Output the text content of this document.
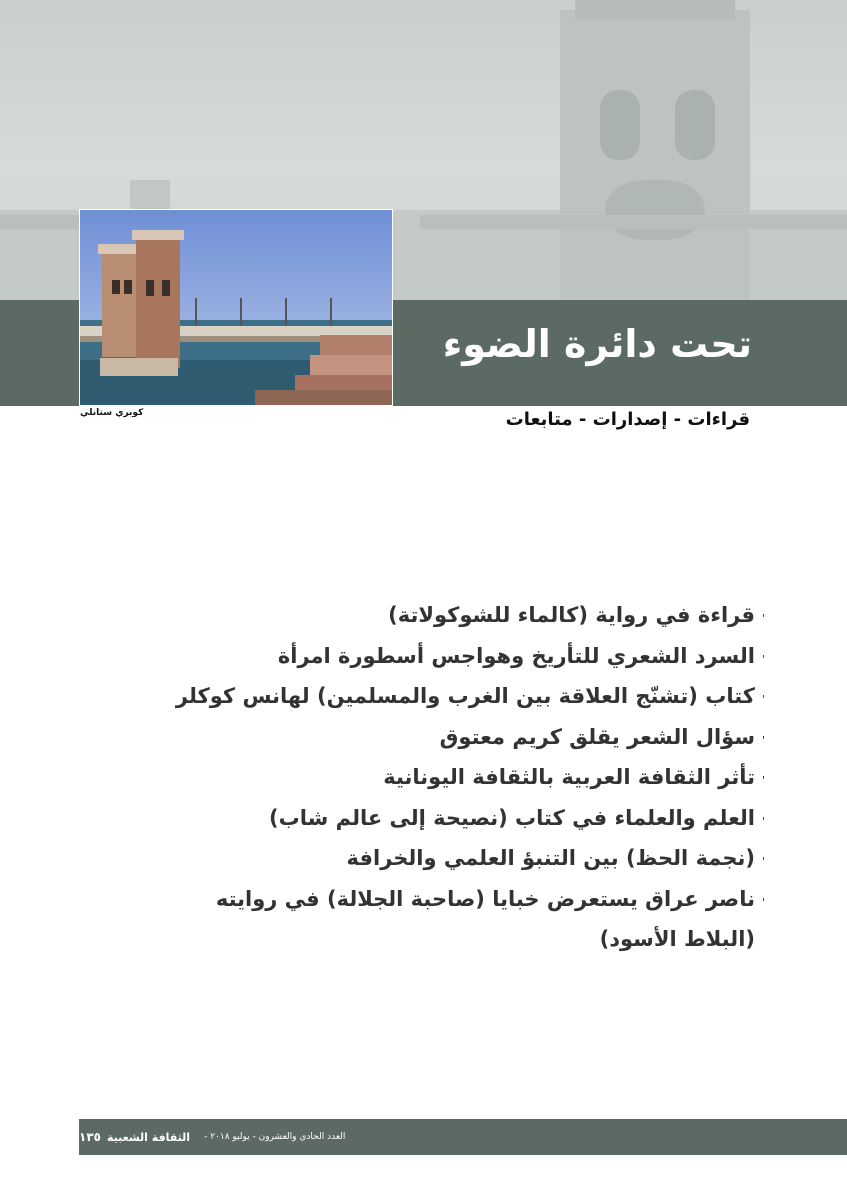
تحت دائرة الضوء
كوبري ستانلي	قراءات - إصدارات - متابعات
'
قراءة في رواية (كالماء للشوكولاتة)
'
السرد الشعري للتأريخ وهواجس أسطورة امرأة
'
كتاب (تشنّج العلاقة بين الغرب والمسلمين) لهانس كوكلر
'
سؤال الشعر يقلق كريم معتوق
'
تأثر الثقافة العربية بالثقافة اليونانية
'
العلم والعلماء في كتاب (نصيحة إلى عالم شاب)
'
(نجمة الحظ) بين التنبؤ العلمي والخرافة
'
ناصر عراق يستعرض خبايا (صاحبة الجلالة) في روايته (البلاط الأسود)
١٣٥ الثقافة الشعبية العدد الحادي والعشرون - يوليو ٢٠١٨ -
